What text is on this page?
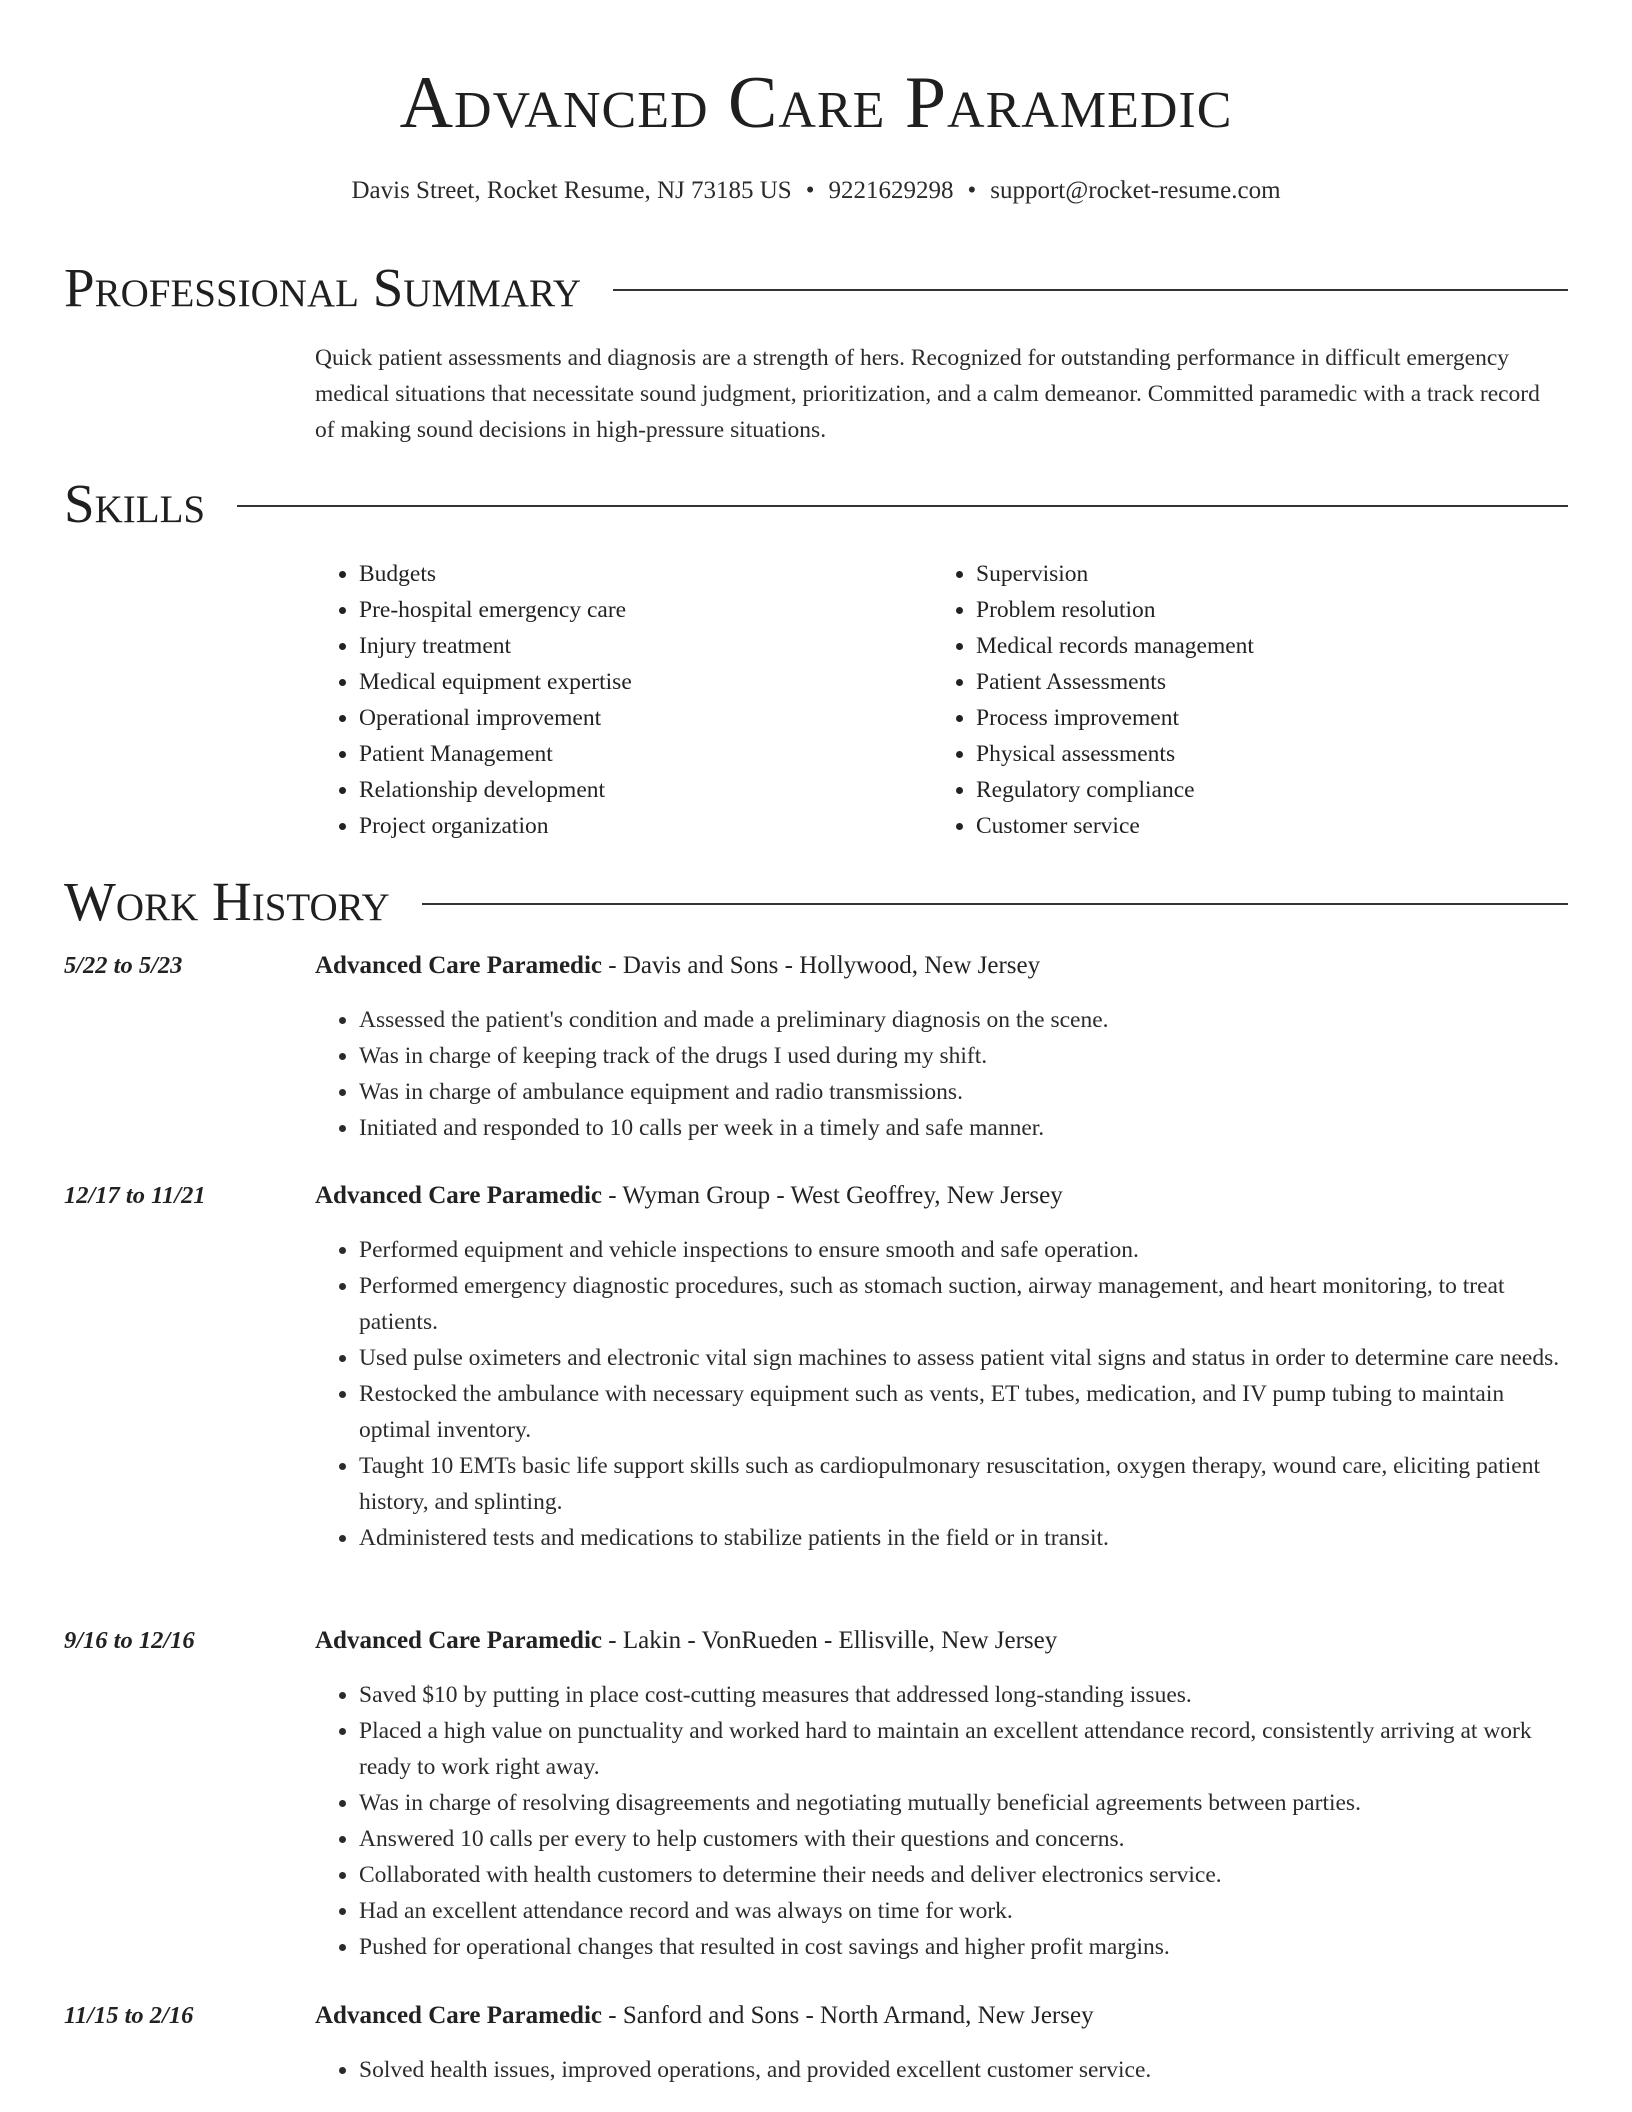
Advanced Care Paramedic
Davis Street, Rocket Resume, NJ 73185 US • 9221629298 • support@rocket-resume.com
Professional Summary
Quick patient assessments and diagnosis are a strength of hers. Recognized for outstanding performance in difficult emergency medical situations that necessitate sound judgment, prioritization, and a calm demeanor. Committed paramedic with a track record of making sound decisions in high-pressure situations.
Skills
• Budgets
• Pre-hospital emergency care
• Injury treatment
• Medical equipment expertise
• Operational improvement
• Patient Management
• Relationship development
• Project organization
• Supervision
• Problem resolution
• Medical records management
• Patient Assessments
• Process improvement
• Physical assessments
• Regulatory compliance
• Customer service
Work History
5/22 to 5/23	Advanced Care Paramedic - Davis and Sons - Hollywood, New Jersey
• Assessed the patient's condition and made a preliminary diagnosis on the scene.
• Was in charge of keeping track of the drugs I used during my shift.
• Was in charge of ambulance equipment and radio transmissions.
• Initiated and responded to 10 calls per week in a timely and safe manner.
12/17 to 11/21	Advanced Care Paramedic - Wyman Group - West Geoffrey, New Jersey
• Performed equipment and vehicle inspections to ensure smooth and safe operation.
• Performed emergency diagnostic procedures, such as stomach suction, airway management, and heart monitoring, to treat patients.
• Used pulse oximeters and electronic vital sign machines to assess patient vital signs and status in order to determine care needs.
• Restocked the ambulance with necessary equipment such as vents, ET tubes, medication, and IV pump tubing to maintain optimal inventory.
• Taught 10 EMTs basic life support skills such as cardiopulmonary resuscitation, oxygen therapy, wound care, eliciting patient history, and splinting.
• Administered tests and medications to stabilize patients in the field or in transit.
9/16 to 12/16	Advanced Care Paramedic - Lakin - VonRueden - Ellisville, New Jersey
• Saved $10 by putting in place cost-cutting measures that addressed long-standing issues.
• Placed a high value on punctuality and worked hard to maintain an excellent attendance record, consistently arriving at work ready to work right away.
• Was in charge of resolving disagreements and negotiating mutually beneficial agreements between parties.
• Answered 10 calls per every to help customers with their questions and concerns.
• Collaborated with health customers to determine their needs and deliver electronics service.
• Had an excellent attendance record and was always on time for work.
• Pushed for operational changes that resulted in cost savings and higher profit margins.
11/15 to 2/16	Advanced Care Paramedic - Sanford and Sons - North Armand, New Jersey
• Solved health issues, improved operations, and provided excellent customer service.
